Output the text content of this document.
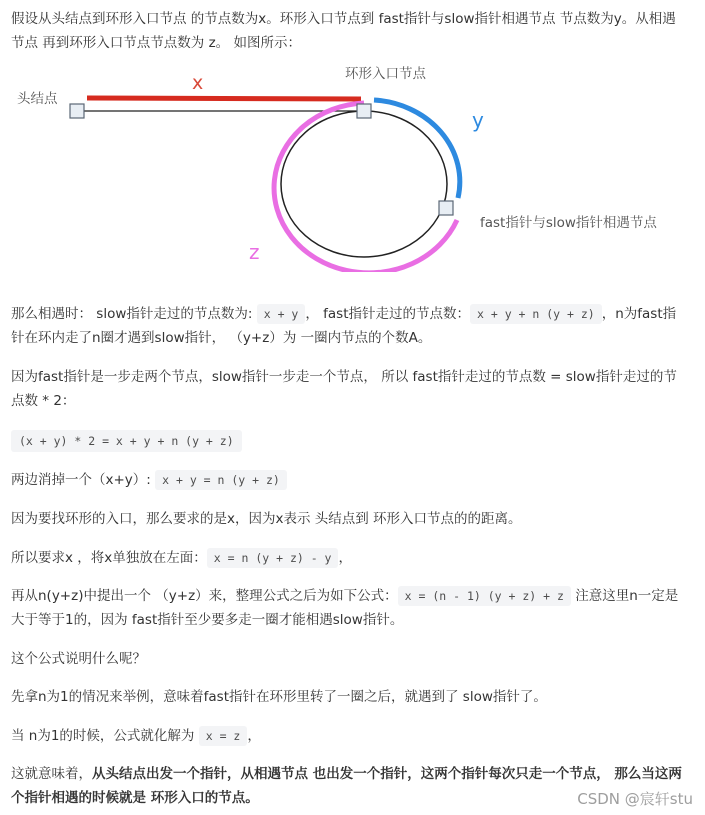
假设从头结点到环形入口节点 的节点数为x。环形入口节点到 fast指针与slow指针相遇节点 节点数为y。从相遇节点 再到环形入口节点节点数为 z。 如图所示：

头结点
x	环形入口节点
y
fast指针与slow指针相遇节点
z

那么相遇时： slow指针走过的节点数为: x + y ， fast指针走过的节点数： x + y + n (y + z) ，n为fast指针在环内走了n圈才遇到slow指针， （y+z）为 一圈内节点的个数A。

因为fast指针是一步走两个节点，slow指针一步走一个节点， 所以 fast指针走过的节点数 = slow指针走过的节点数 * 2：

(x + y) * 2 = x + y + n (y + z)

两边消掉一个（x+y）: x + y = n (y + z)

因为要找环形的入口，那么要求的是x，因为x表示 头结点到 环形入口节点的的距离。

所以要求x ，将x单独放在左面： x = n (y + z) - y ，

再从n(y+z)中提出一个 （y+z）来，整理公式之后为如下公式： x = (n - 1) (y + z) + z 注意这里n一定是大于等于1的，因为 fast指针至少要多走一圈才能相遇slow指针。

这个公式说明什么呢？

先拿n为1的情况来举例，意味着fast指针在环形里转了一圈之后，就遇到了 slow指针了。

当 n为1的时候，公式就化解为 x = z ，

这就意味着，从头结点出发一个指针，从相遇节点 也出发一个指针，这两个指针每次只走一个节点， 那么当这两个指针相遇的时候就是 环形入口的节点。	CSDN @宸轩stu
